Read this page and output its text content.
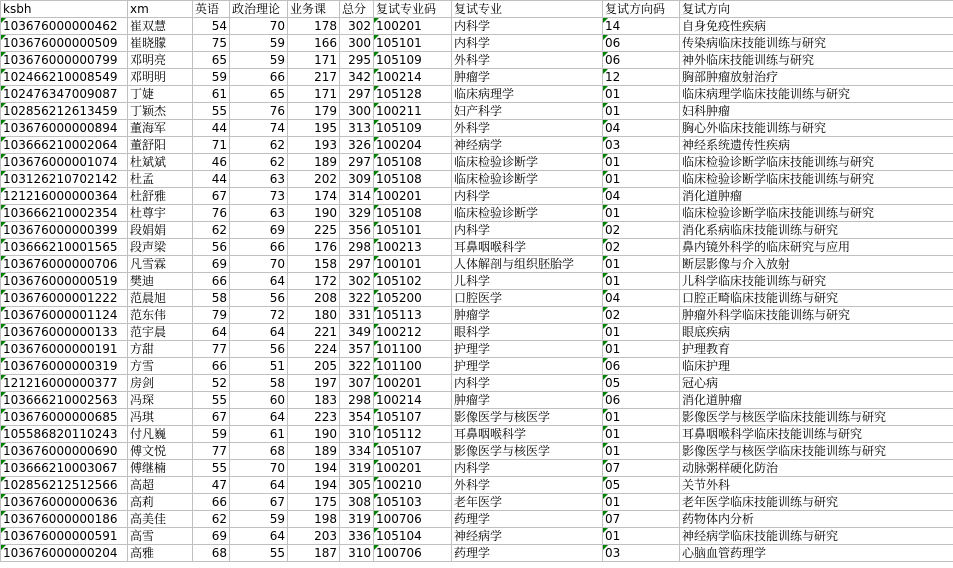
ksbh	xm	英语	政治理论	业务课	总分	复试专业码	复试专业	复试方向码	复试方向
103676000000462	崔双慧	54	70	178	302	100201	内科学	14	自身免疫性疾病
103676000000509	崔晓朦	75	59	166	300	105101	内科学	06	传染病临床技能训练与研究
103676000000799	邓明亮	65	59	171	295	105109	外科学	06	神外临床技能训练与研究
102466210008549	邓明明	59	66	217	342	100214	肿瘤学	12	胸部肿瘤放射治疗
102476347009087	丁婕	61	65	171	297	105128	临床病理学	01	临床病理学临床技能训练与研究
102856212613459	丁颖杰	55	76	179	300	100211	妇产科学	01	妇科肿瘤
103676000000894	董海军	44	74	195	313	105109	外科学	04	胸心外临床技能训练与研究
103666210002064	董舒阳	71	62	193	326	100204	神经病学	03	神经系统遗传性疾病
103676000001074	杜斌斌	46	62	189	297	105108	临床检验诊断学	01	临床检验诊断学临床技能训练与研究
103126210702142	杜孟	44	63	202	309	105108	临床检验诊断学	01	临床检验诊断学临床技能训练与研究
121216000000364	杜舒雅	67	73	174	314	100201	内科学	04	消化道肿瘤
103666210002354	杜尊宇	76	63	190	329	105108	临床检验诊断学	01	临床检验诊断学临床技能训练与研究
103676000000399	段娟娟	62	69	225	356	105101	内科学	02	消化系病临床技能训练与研究
103666210001565	段声梁	56	66	176	298	100213	耳鼻咽喉科学	02	鼻内镜外科学的临床研究与应用
103676000000706	凡雪霖	69	70	158	297	100101	人体解剖与组织胚胎学	01	断层影像与介入放射
103676000000519	樊迪	66	64	172	302	105102	儿科学	01	儿科学临床技能训练与研究
103676000001222	范晨旭	58	56	208	322	105200	口腔医学	04	口腔正畸临床技能训练与研究
103676000001124	范东伟	79	72	180	331	105113	肿瘤学	02	肿瘤外科学临床技能训练与研究
103676000000133	范宇晨	64	64	221	349	100212	眼科学	01	眼底疾病
103676000000191	方甜	77	56	224	357	101100	护理学	01	护理教育
103676000000319	方雪	66	51	205	322	101100	护理学	06	临床护理
121216000000377	房剑	52	58	197	307	100201	内科学	05	冠心病
103666210002563	冯琛	55	60	183	298	100214	肿瘤学	06	消化道肿瘤
103676000000685	冯琪	67	64	223	354	105107	影像医学与核医学	01	影像医学与核医学临床技能训练与研究
105586820110243	付凡巍	59	61	190	310	105112	耳鼻咽喉科学	01	耳鼻咽喉科学临床技能训练与研究
103676000000690	傅文悦	77	68	189	334	105107	影像医学与核医学	01	影像医学与核医学临床技能训练与研究
103666210003067	傅继楠	55	70	194	319	100201	内科学	07	动脉粥样硬化防治
102856212512566	高超	47	64	194	305	100210	外科学	05	关节外科
103676000000636	高莉	66	67	175	308	105103	老年医学	01	老年医学临床技能训练与研究
103676000000186	高美佳	62	59	198	319	100706	药理学	07	药物体内分析
103676000000591	高雪	69	64	203	336	105104	神经病学	01	神经病学临床技能训练与研究
103676000000204	高雅	68	55	187	310	100706	药理学	03	心脑血管药理学
